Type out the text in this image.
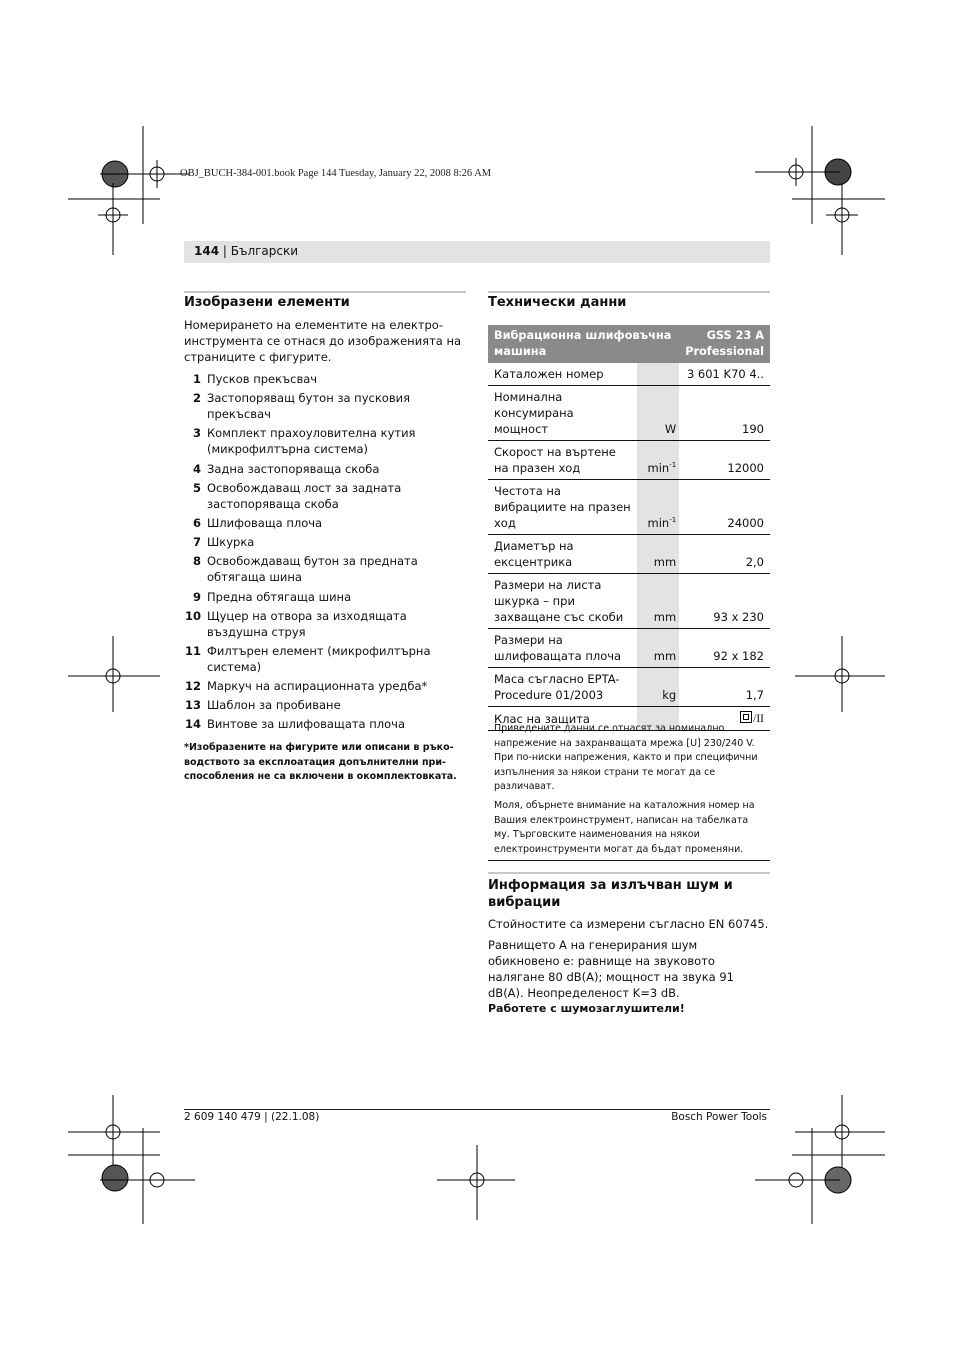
OBJ_BUCH-384-001.book Page 144 Tuesday, January 22, 2008 8:26 AM
144 | Български
Изобразени елементи
Номерирането на елементите на електро-инструмента се отнася до изображенията на страниците с фигурите.
1 Пусков прекъсвач
2 Застопоряващ бутон за пусковия прекъсвач
3 Комплект прахоуловителна кутия (микрофилтърна система)
4 Задна застопоряваща скоба
5 Освобождаващ лост за задната застопоряваща скоба
6 Шлифоваща плоча
7 Шкурка
8 Освобождаващ бутон за предната обтягаща шина
9 Предна обтягаща шина
10 Щуцер на отвора за изходящата въздушна струя
11 Филтърен елемент (микрофилтърна система)
12 Маркуч на аспирационната уредба*
13 Шаблон за пробиване
14 Винтове за шлифоващата плоча
*Изобразените на фигурите или описани в ръко-водството за експлоатация допълнителни при-способления не са включени в окомплектовката.
Технически данни
Вибрационна шлифовъчна машина		GSS 23 A Professional
Каталожен номер		3 601 K70 4..
Номинална консумирана мощност	W	190
Скорост на въртене на празен ход	$\min^{-1}$	12000
Честота на вибрациите на празен ход	$\min^{-1}$	24000
Диаметър на ексцентрика	mm	2,0
Размери на листа шкурка – при захващане със скоби	mm	93 x 230
Размери на шлифоващата плоча	mm	92 x 182
Маса съгласно EPTA-Procedure 01/2003	kg	1,7
Клас на защита		/II
Приведените данни се отнасят за номинално напрежение на захранващата мрежа [U] 230/240 V. При по-ниски напрежения, както и при специфични изпълнения за някои страни те могат да се различават.
Моля, обърнете внимание на каталожния номер на Вашия електроинструмент, написан на табелката му. Търговските наименования на някои електроинструменти могат да бъдат променяни.
Информация за излъчван шум и вибрации
Стойностите са измерени съгласно EN 60745.
Равнището А на генерирания шум обикновено е: равнище на звуковото налягане 80 dB(A); мощност на звука 91 dB(A). Неопределеност K=3 dB.
Работете с шумозаглушители!
2 609 140 479 | (22.1.08)	Bosch Power Tools
